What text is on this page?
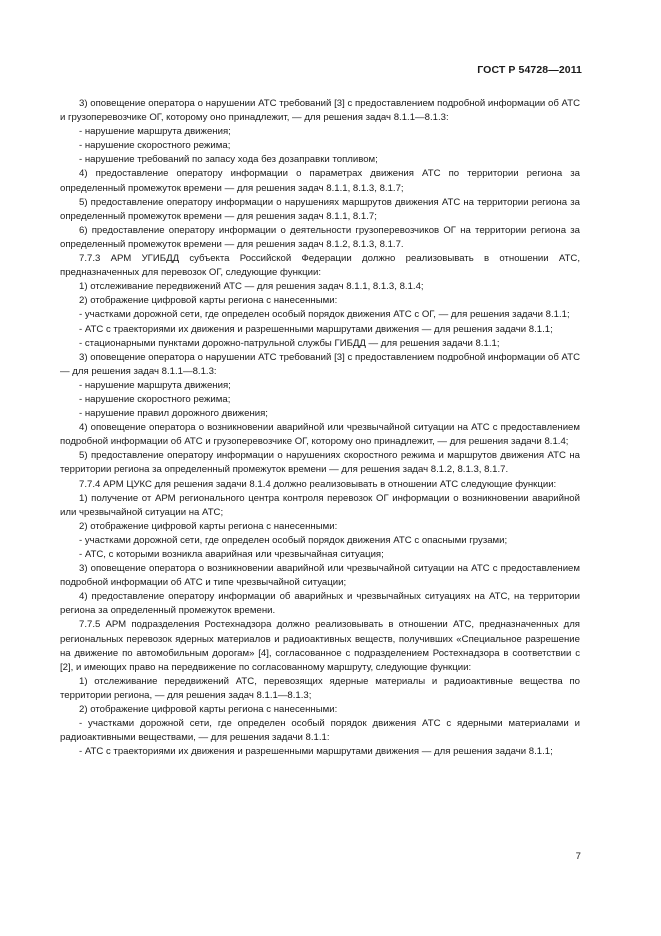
ГОСТ Р 54728—2011

3) оповещение оператора о нарушении АТС требований [3] с предоставлением подробной информации об АТС и грузоперевозчике ОГ, которому оно принадлежит, — для решения задач 8.1.1—8.1.3:

- нарушение маршрута движения;

- нарушение скоростного режима;

- нарушение требований по запасу хода без дозаправки топливом;

4) предоставление оператору информации о параметрах движения АТС по территории региона за определенный промежуток времени — для решения задач 8.1.1, 8.1.3, 8.1.7;

5) предоставление оператору информации о нарушениях маршрутов движения АТС на территории региона за определенный промежуток времени — для решения задач 8.1.1, 8.1.7;

6) предоставление оператору информации о деятельности грузоперевозчиков ОГ на территории региона за определенный промежуток времени — для решения задач 8.1.2, 8.1.3, 8.1.7.

7.7.3 АРМ УГИБДД субъекта Российской Федерации должно реализовывать в отношении АТС, предназначенных для перевозок ОГ, следующие функции:

1) отслеживание передвижений АТС — для решения задач 8.1.1, 8.1.3, 8.1.4;

2) отображение цифровой карты региона с нанесенными:

- участками дорожной сети, где определен особый порядок движения АТС с ОГ, — для решения задачи 8.1.1;

- АТС с траекториями их движения и разрешенными маршрутами движения — для решения задачи 8.1.1;

- стационарными пунктами дорожно-патрульной службы ГИБДД — для решения задачи 8.1.1;

3) оповещение оператора о нарушении АТС требований [3] с предоставлением подробной информации об АТС — для решения задач 8.1.1—8.1.3:

- нарушение маршрута движения;

- нарушение скоростного режима;

- нарушение правил дорожного движения;

4) оповещение оператора о возникновении аварийной или чрезвычайной ситуации на АТС с предоставлением подробной информации об АТС и грузоперевозчике ОГ, которому оно принадлежит, — для решения задачи 8.1.4;

5) предоставление оператору информации о нарушениях скоростного режима и маршрутов движения АТС на территории региона за определенный промежуток времени — для решения задач 8.1.2, 8.1.3, 8.1.7.

7.7.4 АРМ ЦУКС для решения задачи 8.1.4 должно реализовывать в отношении АТС следующие функции:

1) получение от АРМ регионального центра контроля перевозок ОГ информации о возникновении аварийной или чрезвычайной ситуации на АТС;

2) отображение цифровой карты региона с нанесенными:

- участками дорожной сети, где определен особый порядок движения АТС с опасными грузами;

- АТС, с которыми возникла аварийная или чрезвычайная ситуация;

3) оповещение оператора о возникновении аварийной или чрезвычайной ситуации на АТС с предоставлением подробной информации об АТС и типе чрезвычайной ситуации;

4) предоставление оператору информации об аварийных и чрезвычайных ситуациях на АТС, на территории региона за определенный промежуток времени.

7.7.5 АРМ подразделения Ростехнадзора должно реализовывать в отношении АТС, предназначенных для региональных перевозок ядерных материалов и радиоактивных веществ, получивших «Специальное разрешение на движение по автомобильным дорогам» [4], согласованное с подразделением Ростехнадзора в соответствии с [2], и имеющих право на передвижение по согласованному маршруту, следующие функции:

1) отслеживание передвижений АТС, перевозящих ядерные материалы и радиоактивные вещества по территории региона, — для решения задач 8.1.1—8.1.3;

2) отображение цифровой карты региона с нанесенными:

- участками дорожной сети, где определен особый порядок движения АТС с ядерными материалами и радиоактивными веществами, — для решения задачи 8.1.1:

- АТС с траекториями их движения и разрешенными маршрутами движения — для решения задачи 8.1.1;

7
